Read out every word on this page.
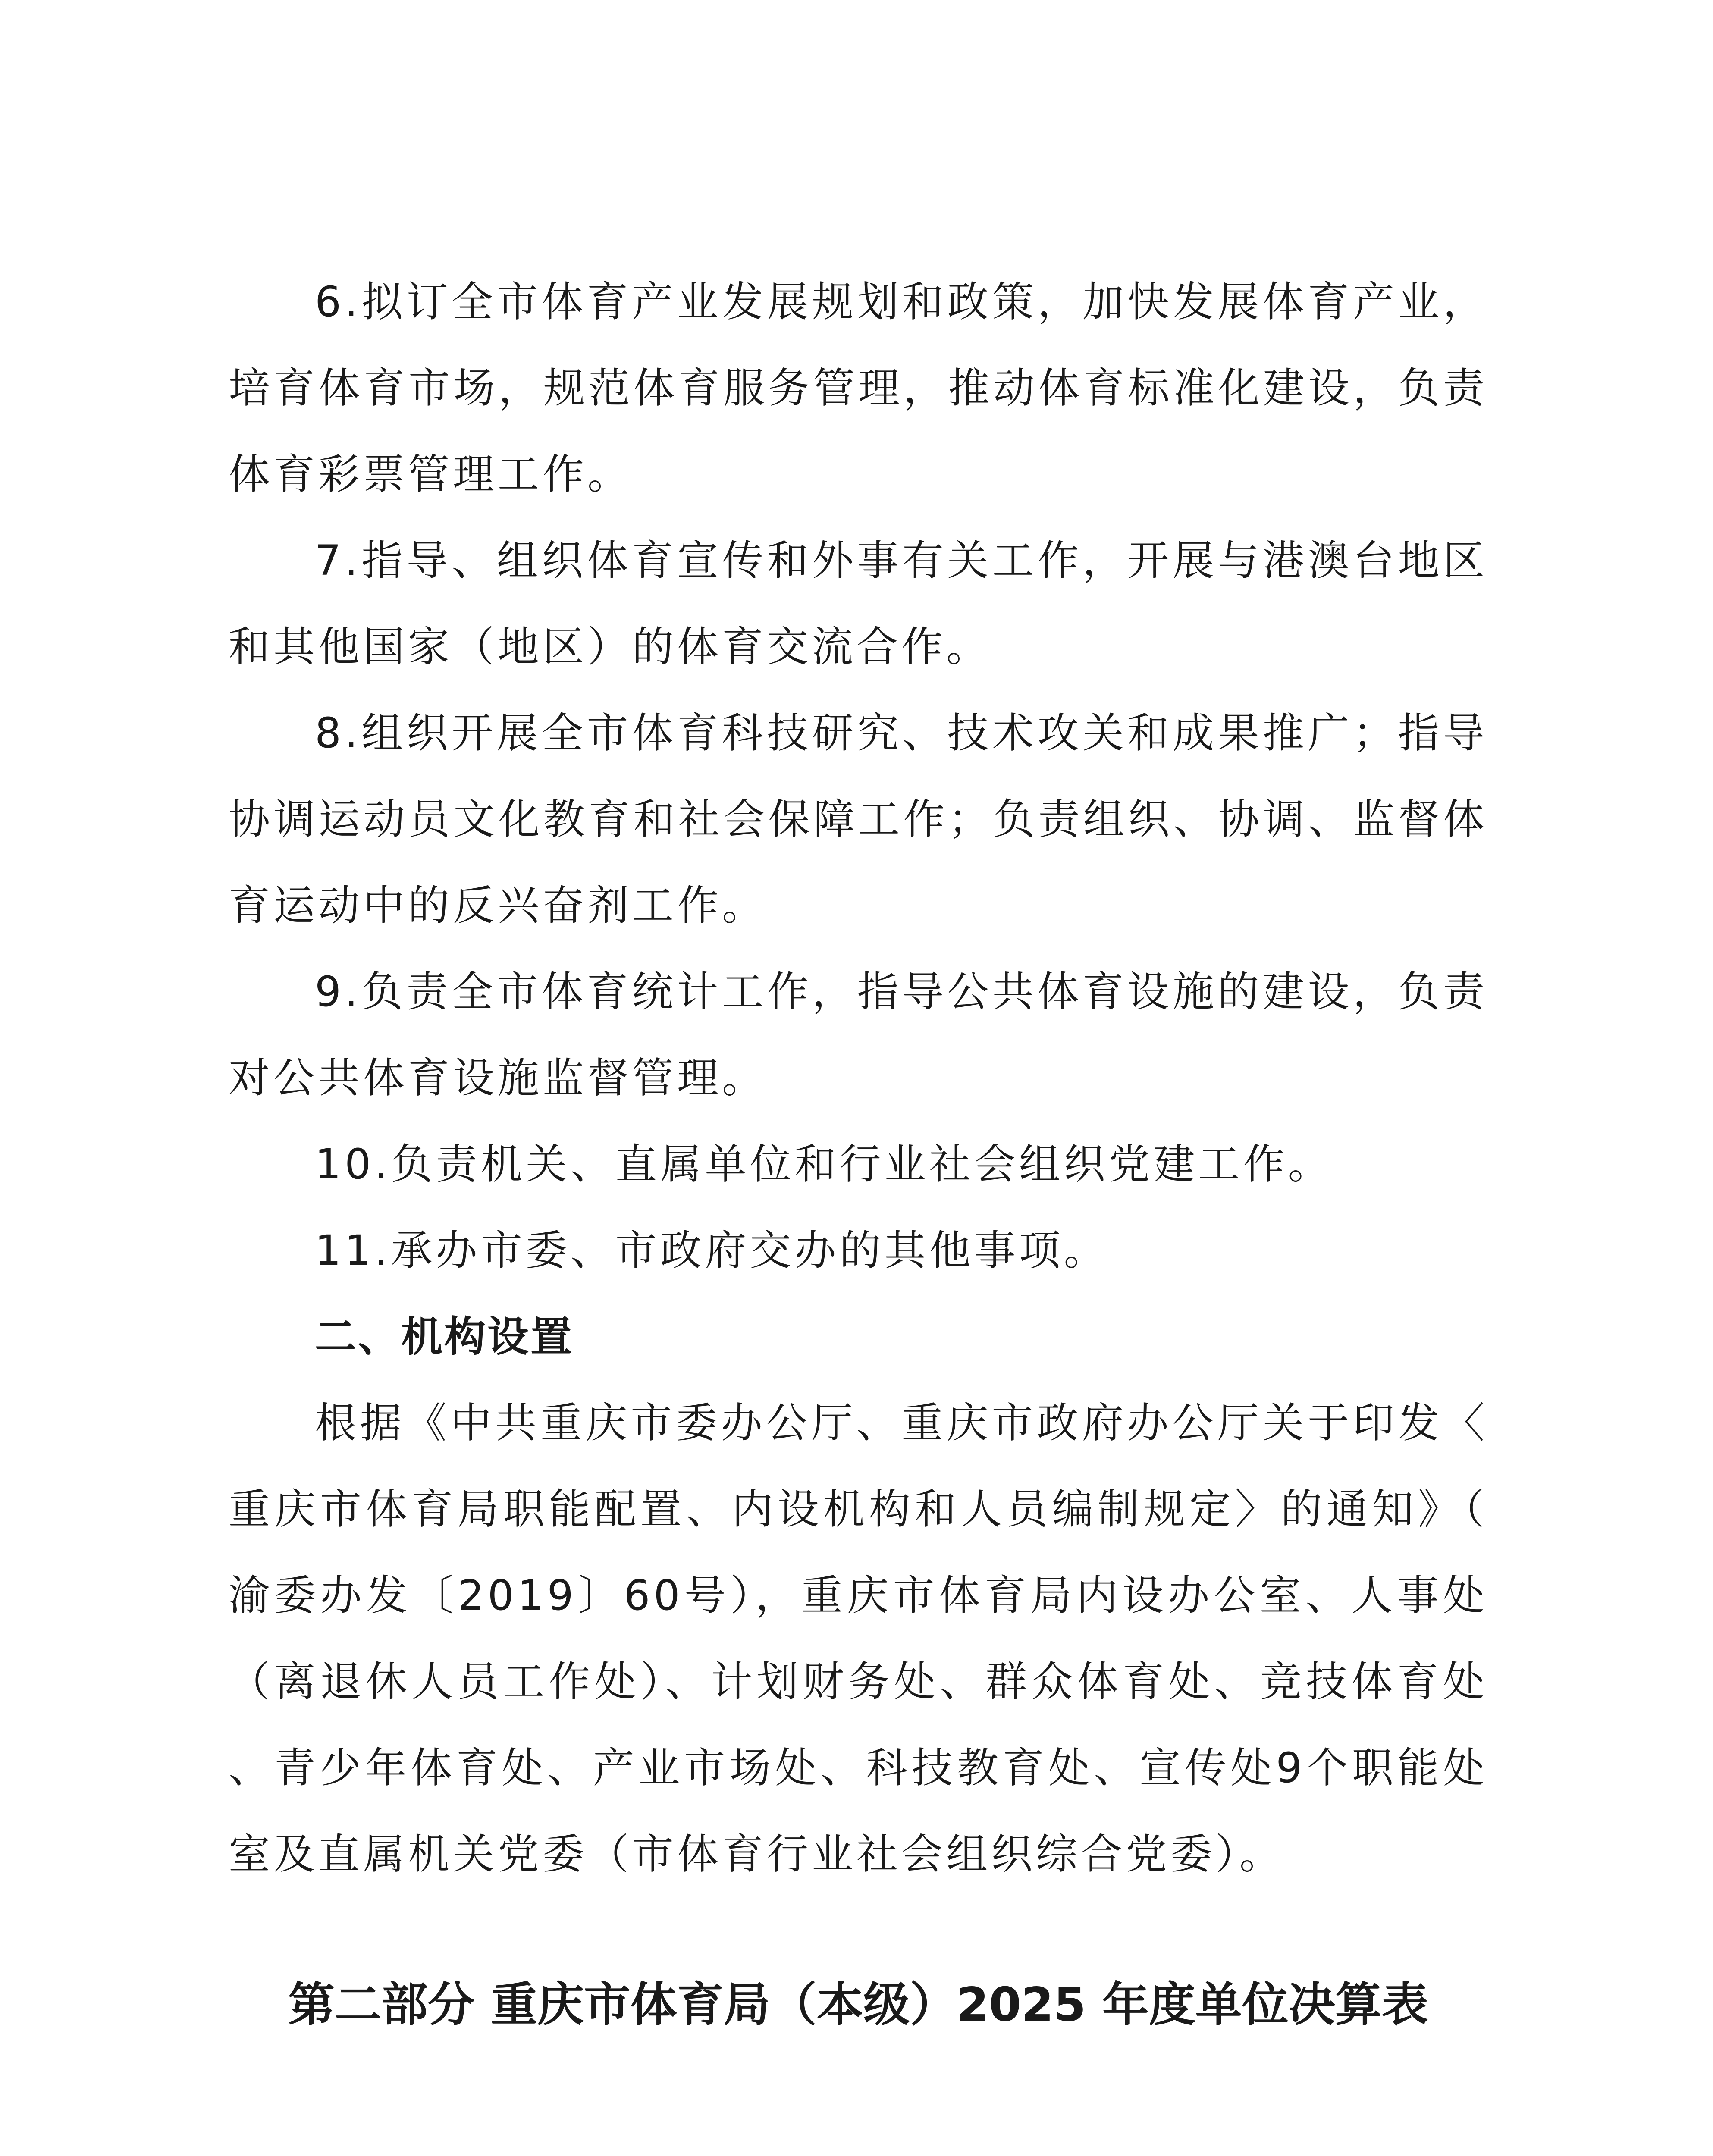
6.拟订全市体育产业发展规划和政策，加快发展体育产业，培育体育市场，规范体育服务管理，推动体育标准化建设，负责体育彩票管理工作。

7.指导、组织体育宣传和外事有关工作，开展与港澳台地区和其他国家（地区）的体育交流合作。

8.组织开展全市体育科技研究、技术攻关和成果推广；指导协调运动员文化教育和社会保障工作；负责组织、协调、监督体育运动中的反兴奋剂工作。

9.负责全市体育统计工作，指导公共体育设施的建设，负责对公共体育设施监督管理。

10.负责机关、直属单位和行业社会组织党建工作。

11.承办市委、市政府交办的其他事项。

二、机构设置

根据《中共重庆市委办公厅、重庆市政府办公厅关于印发〈重庆市体育局职能配置、内设机构和人员编制规定〉的通知》（渝委办发〔2019〕60号），重庆市体育局内设办公室、人事处（离退休人员工作处）、计划财务处、群众体育处、竞技体育处、青少年体育处、产业市场处、科技教育处、宣传处9个职能处室及直属机关党委（市体育行业社会组织综合党委）。

第二部分 重庆市体育局（本级）2025 年度单位决算表
